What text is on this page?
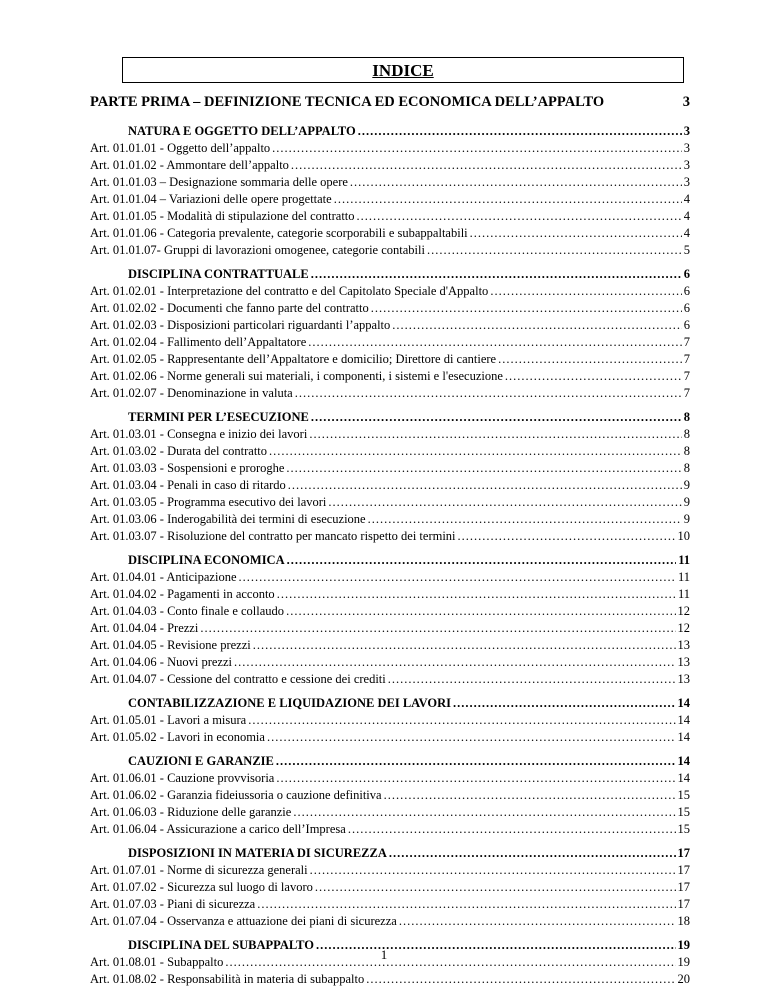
INDICE
PARTE PRIMA – DEFINIZIONE TECNICA ED ECONOMICA DELL’APPALTO	3
NATURA E OGGETTO DELL’APPALTO .....	3
Art. 01.01.01 - Oggetto dell’appalto .....	3
Art. 01.01.02 - Ammontare dell’appalto .....	3
Art. 01.01.03 – Designazione sommaria delle opere .....	3
Art. 01.01.04 – Variazioni delle opere progettate .....	4
Art. 01.01.05 - Modalità di stipulazione del contratto .....	4
Art. 01.01.06 - Categoria prevalente, categorie scorporabili e subappaltabili .....	4
Art. 01.01.07- Gruppi di lavorazioni omogenee, categorie contabili .....	5
DISCIPLINA CONTRATTUALE .....	6
Art. 01.02.01 - Interpretazione del contratto e del Capitolato Speciale d'Appalto .....	6
Art. 01.02.02 - Documenti che fanno parte del contratto .....	6
Art. 01.02.03 - Disposizioni particolari riguardanti l’appalto .....	6
Art. 01.02.04 - Fallimento dell’Appaltatore .....	7
Art. 01.02.05 - Rappresentante dell’Appaltatore e domicilio; Direttore di cantiere .....	7
Art. 01.02.06 - Norme generali sui materiali, i componenti, i sistemi e l'esecuzione .....	7
Art. 01.02.07 - Denominazione in valuta .....	7
TERMINI PER L’ESECUZIONE .....	8
Art. 01.03.01 - Consegna e inizio dei lavori .....	8
Art. 01.03.02 - Durata del contratto .....	8
Art. 01.03.03 - Sospensioni e proroghe .....	8
Art. 01.03.04 - Penali in caso di ritardo .....	9
Art. 01.03.05 - Programma esecutivo dei lavori .....	9
Art. 01.03.06 - Inderogabilità dei termini di esecuzione .....	9
Art. 01.03.07 - Risoluzione del contratto per mancato rispetto dei termini .....	10
DISCIPLINA ECONOMICA .....	11
Art. 01.04.01 - Anticipazione .....	11
Art. 01.04.02 - Pagamenti in acconto .....	11
Art. 01.04.03 - Conto finale e collaudo .....	12
Art. 01.04.04 - Prezzi .....	12
Art. 01.04.05 - Revisione prezzi .....	13
Art. 01.04.06 - Nuovi prezzi .....	13
Art. 01.04.07 - Cessione del contratto e cessione dei crediti .....	13
CONTABILIZZAZIONE E LIQUIDAZIONE DEI LAVORI .....	14
Art. 01.05.01 - Lavori a misura .....	14
Art. 01.05.02 - Lavori in economia .....	14
CAUZIONI E GARANZIE .....	14
Art. 01.06.01 - Cauzione provvisoria .....	14
Art. 01.06.02 - Garanzia fideiussoria o cauzione definitiva .....	15
Art. 01.06.03 - Riduzione delle garanzie .....	15
Art. 01.06.04 - Assicurazione a carico dell’Impresa .....	15
DISPOSIZIONI IN MATERIA DI SICUREZZA .....	17
Art. 01.07.01 - Norme di sicurezza generali .....	17
Art. 01.07.02 - Sicurezza sul luogo di lavoro .....	17
Art. 01.07.03 - Piani di sicurezza .....	17
Art. 01.07.04 - Osservanza e attuazione dei piani di sicurezza .....	18
DISCIPLINA DEL SUBAPPALTO .....	19
Art. 01.08.01 - Subappalto .....	19
Art. 01.08.02 - Responsabilità in materia di subappalto .....	20
1
